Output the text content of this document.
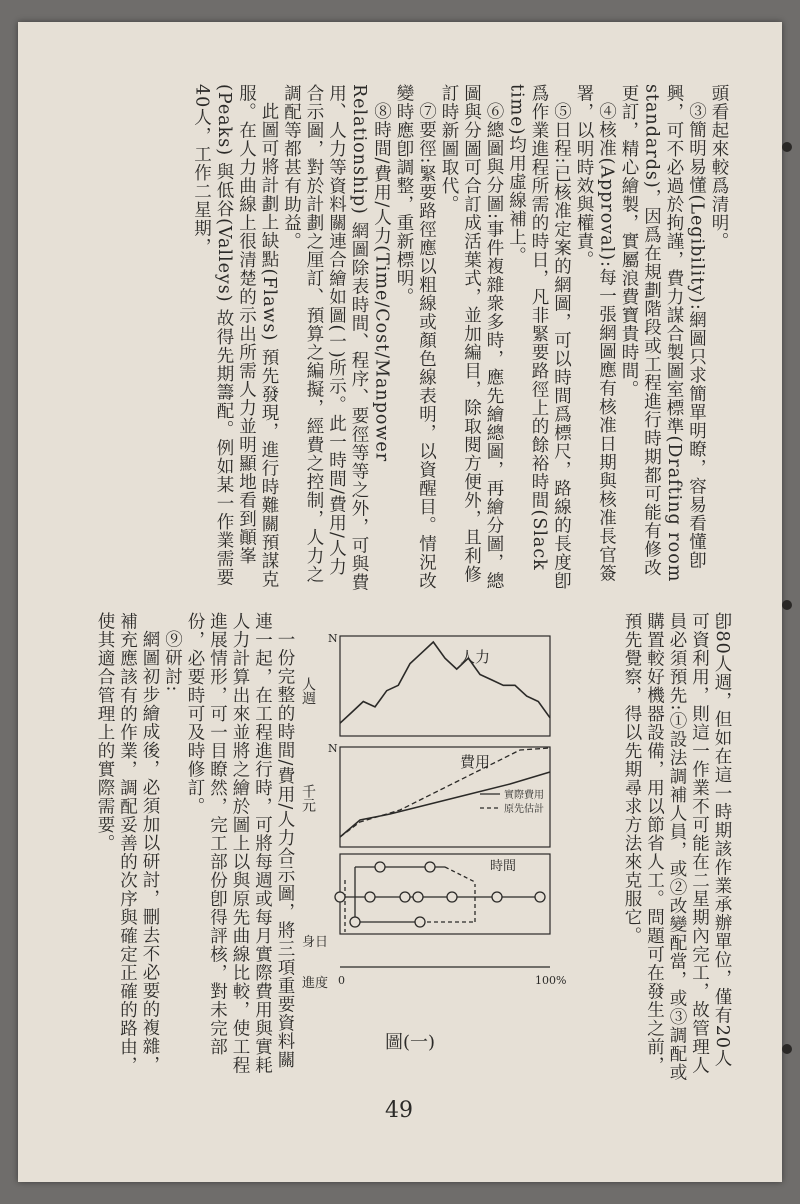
頭看起來較爲清明。

③簡明易懂(Legibility):網圖只求簡單明瞭，容易看懂卽興，可不必過於拘謹，費力謀合製圖室標準(Drafting room standards)，因爲在規劃階段或工程進行時期都可能有修改更訂，精心繪製，實屬浪費寶貴時間。

④核准(Approval):每一張網圖應有核准日期與核准長官簽署，以明時效與權責。

⑤日程:已核准定案的網圖，可以時間爲標尺，路線的長度卽爲作業進程所需的時日，凡非緊要路徑上的餘裕時間(Slack time)均用虛線補上。

⑥總圖與分圖:事件複雜衆多時，應先繪總圖，再繪分圖，總圖與分圖可合訂成活葉式，並加編目，除取閱方便外，且利修訂時新圖取代。

⑦要徑:緊要路徑應以粗線或顏色線表明，以資醒目。情況改變時應卽調整，重新標明。

⑧時間/費用/人力(Time/Cost/Manpower Relationship) 網圖除表時間、程序、要徑等等之外，可與費用、人力等資料關連合繪如圖(一)所示。此一時間/費用/人力合示圖，對於計劃之厘訂、預算之編擬，經費之控制，人力之調配等都甚有助益。

此圖可將計劃上缺點(Flaws) 預先發現，進行時難關預謀克服。在人力曲線上很清楚的示出所需人力並明顯地看到顚峯(Peaks) 與低谷(Valleys) 故得先期籌配。例如某一作業需要40人，工作二星期，

卽80人週，但如在這一時期該作業承辦單位，僅有20人可資利用，則這一作業不可能在二星期內完工，故管理人員必須預先:①設法調補人員，或②改變配當，或③調配或購置較好機器設備，用以節省人工。問題可在發生之前，預先覺察，得以先期尋求方法來克服它。

一份完整的時間/費用/人力合示圖，將三項重要資料關連一起，在工程進行時，可將每週或每月實際費用與實耗人力計算出來並將之繪於圖上以與原先曲線比較，使工程進展情形，可一目瞭然，完工部份卽得評核，對未完部份，必要時可及時修訂。

⑨研討:

網圖初步繪成後，必須加以研討，刪去不必要的複雜，補充應該有的作業，調配妥善的次序與確定正確的路由，使其適合管理上的實際需要。	N
人週
人力
N
千元
費用
實際費用
原先估計
時間
身日
進度 0	100%
圖(一)
49
